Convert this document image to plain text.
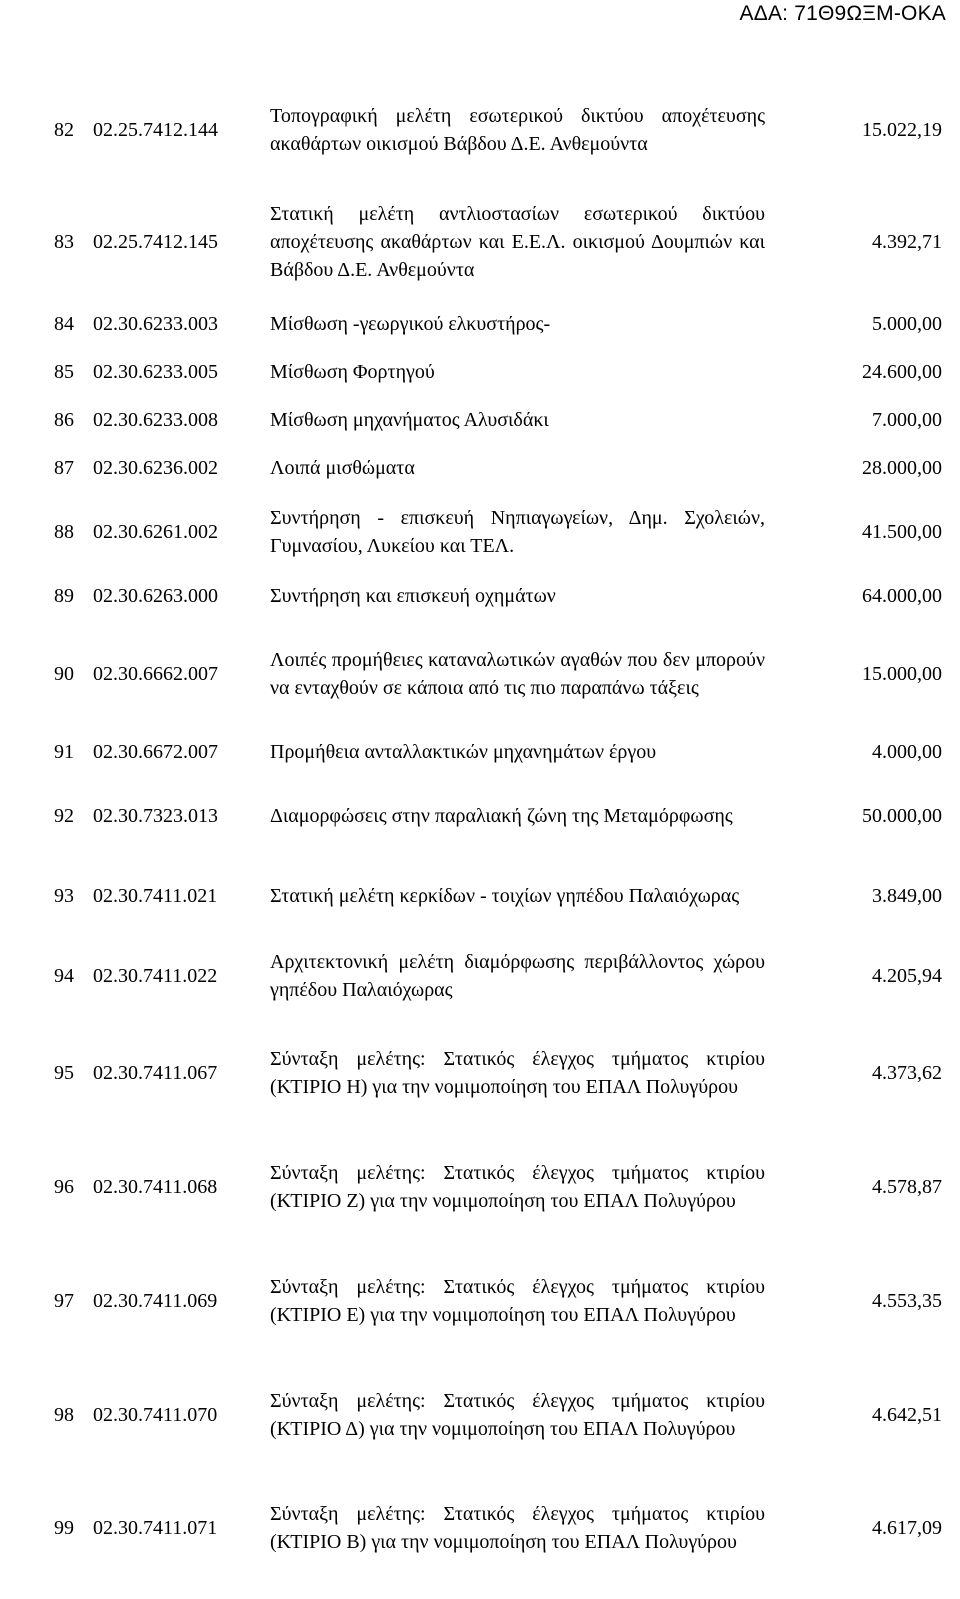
ΑΔΑ: 71Θ9ΩΞΜ-ΟΚΑ
82	02.25.7412.144	Τοπογραφική μελέτη εσωτερικού δικτύου αποχέτευσης ακαθάρτων οικισμού Βάβδου Δ.Ε. Ανθεμούντα	15.022,19
83	02.25.7412.145	Στατική μελέτη αντλιοστασίων εσωτερικού δικτύου αποχέτευσης ακαθάρτων και Ε.Ε.Λ. οικισμού Δουμπιών και Βάβδου Δ.Ε. Ανθεμούντα	4.392,71
84	02.30.6233.003	Μίσθωση -γεωργικού ελκυστήρος-	5.000,00
85	02.30.6233.005	Μίσθωση Φορτηγού	24.600,00
86	02.30.6233.008	Μίσθωση μηχανήματος Αλυσιδάκι	7.000,00
87	02.30.6236.002	Λοιπά μισθώματα	28.000,00
88	02.30.6261.002	Συντήρηση - επισκευή Νηπιαγωγείων, Δημ. Σχολειών, Γυμνασίου, Λυκείου και ΤΕΛ.	41.500,00
89	02.30.6263.000	Συντήρηση και επισκευή οχημάτων	64.000,00
90	02.30.6662.007	Λοιπές προμήθειες καταναλωτικών αγαθών που δεν μπορούν να ενταχθούν σε κάποια από τις πιο παραπάνω τάξεις	15.000,00
91	02.30.6672.007	Προμήθεια ανταλλακτικών μηχανημάτων έργου	4.000,00
92	02.30.7323.013	Διαμορφώσεις στην παραλιακή ζώνη της Μεταμόρφωσης	50.000,00
93	02.30.7411.021	Στατική μελέτη κερκίδων - τοιχίων γηπέδου Παλαιόχωρας	3.849,00
94	02.30.7411.022	Αρχιτεκτονική μελέτη διαμόρφωσης περιβάλλοντος χώρου γηπέδου Παλαιόχωρας	4.205,94
95	02.30.7411.067	Σύνταξη μελέτης: Στατικός έλεγχος τμήματος κτιρίου (ΚΤΙΡΙΟ Η) για την νομιμοποίηση του ΕΠΑΛ Πολυγύρου	4.373,62
96	02.30.7411.068	Σύνταξη μελέτης: Στατικός έλεγχος τμήματος κτιρίου (ΚΤΙΡΙΟ Ζ) για την νομιμοποίηση του ΕΠΑΛ Πολυγύρου	4.578,87
97	02.30.7411.069	Σύνταξη μελέτης: Στατικός έλεγχος τμήματος κτιρίου (ΚΤΙΡΙΟ Ε) για την νομιμοποίηση του ΕΠΑΛ Πολυγύρου	4.553,35
98	02.30.7411.070	Σύνταξη μελέτης: Στατικός έλεγχος τμήματος κτιρίου (ΚΤΙΡΙΟ Δ) για την νομιμοποίηση του ΕΠΑΛ Πολυγύρου	4.642,51
99	02.30.7411.071	Σύνταξη μελέτης: Στατικός έλεγχος τμήματος κτιρίου (ΚΤΙΡΙΟ Β) για την νομιμοποίηση του ΕΠΑΛ Πολυγύρου	4.617,09
